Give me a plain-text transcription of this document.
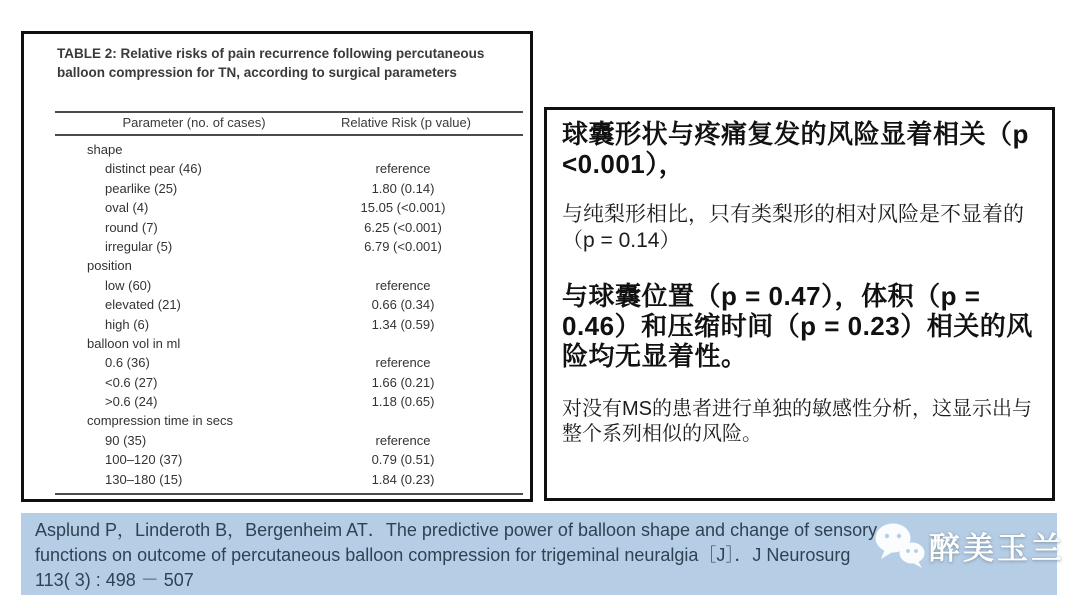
TABLE 2: Relative risks of pain recurrence following percutaneous balloon compression for TN, according to surgical parameters
Parameter (no. of cases)	Relative Risk (p value)
shape
distinct pear (46)	reference
pearlike (25)	1.80 (0.14)
oval (4)	15.05 (<0.001)
round (7)	6.25 (<0.001)
irregular (5)	6.79 (<0.001)
position
low (60)	reference
elevated (21)	0.66 (0.34)
high (6)	1.34 (0.59)
balloon vol in ml
0.6 (36)	reference
<0.6 (27)	1.66 (0.21)
>0.6 (24)	1.18 (0.65)
compression time in secs
90 (35)	reference
100–120 (37)	0.79 (0.51)
130–180 (15)	1.84 (0.23)
球囊形状与疼痛复发的风险显着相关（p <0.001），
与纯梨形相比，只有类梨形的相对风险是不显着的（p = 0.14）
与球囊位置（p = 0.47），体积（p = 0.46）和压缩时间（p = 0.23）相关的风险均无显着性。
对没有MS的患者进行单独的敏感性分析，这显示出与整个系列相似的风险。
Asplund P，Linderoth B，Bergenheim AT．The predictive power of balloon shape and change of sensory
functions on outcome of percutaneous balloon compression for trigeminal neuralgia［J］．J Neurosurg
113( 3) : 498 － 507
醉美玉兰
